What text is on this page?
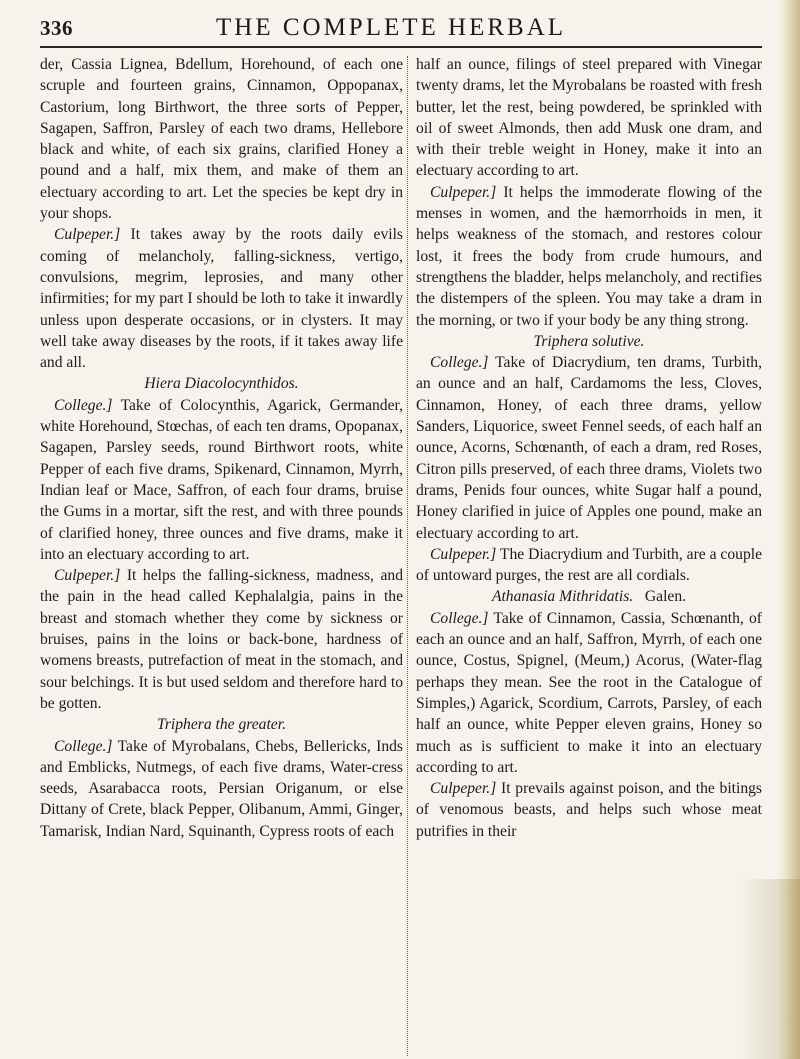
336	THE COMPLETE HERBAL

der, Cassia Lignea, Bdellum, Horehound, of each one scruple and fourteen grains, Cinnamon, Oppopanax, Castorium, long Birthwort, the three sorts of Pepper, Sagapen, Saffron, Parsley of each two drams, Hellebore black and white, of each six grains, clarified Honey a pound and a half, mix them, and make of them an electuary according to art. Let the species be kept dry in your shops.

Culpeper.] It takes away by the roots daily evils coming of melancholy, falling-sickness, vertigo, convulsions, megrim, leprosies, and many other infirmities; for my part I should be loth to take it inwardly unless upon desperate occasions, or in clysters. It may well take away diseases by the roots, if it takes away life and all.

Hiera Diacolocynthidos.

College.] Take of Colocynthis, Agarick, Germander, white Horehound, Stœchas, of each ten drams, Opopanax, Sagapen, Parsley seeds, round Birthwort roots, white Pepper of each five drams, Spikenard, Cinnamon, Myrrh, Indian leaf or Mace, Saffron, of each four drams, bruise the Gums in a mortar, sift the rest, and with three pounds of clarified honey, three ounces and five drams, make it into an electuary according to art.

Culpeper.] It helps the falling-sickness, madness, and the pain in the head called Kephalalgia, pains in the breast and stomach whether they come by sickness or bruises, pains in the loins or back-bone, hardness of womens breasts, putrefaction of meat in the stomach, and sour belchings. It is but used seldom and therefore hard to be gotten.

Triphera the greater.

College.] Take of Myrobalans, Chebs, Bellericks, Inds and Emblicks, Nutmegs, of each five drams, Water-cress seeds, Asarabacca roots, Persian Origanum, or else Dittany of Crete, black Pepper, Olibanum, Ammi, Ginger, Tamarisk, Indian Nard, Squinanth, Cypress roots of each

half an ounce, filings of steel prepared with Vinegar twenty drams, let the Myrobalans be roasted with fresh butter, let the rest, being powdered, be sprinkled with oil of sweet Almonds, then add Musk one dram, and with their treble weight in Honey, make it into an electuary according to art.

Culpeper.] It helps the immoderate flowing of the menses in women, and the hæmorrhoids in men, it helps weakness of the stomach, and restores colour lost, it frees the body from crude humours, and strengthens the bladder, helps melancholy, and rectifies the distempers of the spleen. You may take a dram in the morning, or two if your body be any thing strong.

Triphera solutive.

College.] Take of Diacrydium, ten drams, Turbith, an ounce and an half, Cardamoms the less, Cloves, Cinnamon, Honey, of each three drams, yellow Sanders, Liquorice, sweet Fennel seeds, of each half an ounce, Acorns, Schœnanth, of each a dram, red Roses, Citron pills preserved, of each three drams, Violets two drams, Penids four ounces, white Sugar half a pound, Honey clarified in juice of Apples one pound, make an electuary according to art.

Culpeper.] The Diacrydium and Turbith, are a couple of untoward purges, the rest are all cordials.

Athanasia Mithridatis. Galen.

College.] Take of Cinnamon, Cassia, Schœnanth, of each an ounce and an half, Saffron, Myrrh, of each one ounce, Costus, Spignel, (Meum,) Acorus, (Water-flag perhaps they mean. See the root in the Catalogue of Simples,) Agarick, Scordium, Carrots, Parsley, of each half an ounce, white Pepper eleven grains, Honey so much as is sufficient to make it into an electuary according to art.

Culpeper.] It prevails against poison, and the bitings of venomous beasts, and helps such whose meat putrifies in their
